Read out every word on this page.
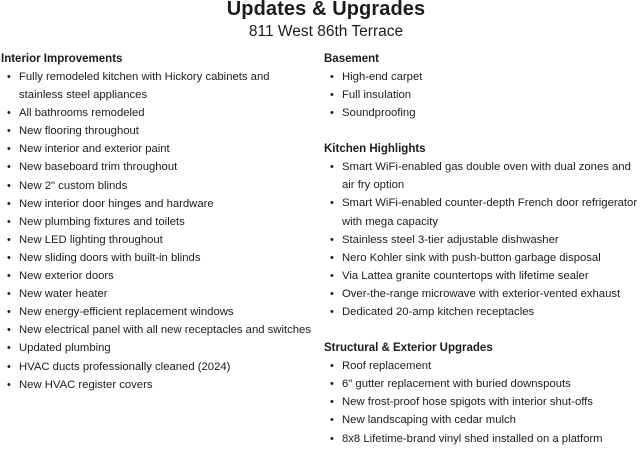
Updates & Upgrades
811 West 86th Terrace
Interior Improvements
• Fully remodeled kitchen with Hickory cabinets and stainless steel appliances
• All bathrooms remodeled
• New flooring throughout
• New interior and exterior paint
• New baseboard trim throughout
• New 2" custom blinds
• New interior door hinges and hardware
• New plumbing fixtures and toilets
• New LED lighting throughout
• New sliding doors with built-in blinds
• New exterior doors
• New water heater
• New energy-efficient replacement windows
• New electrical panel with all new receptacles and switches
• Updated plumbing
• HVAC ducts professionally cleaned (2024)
• New HVAC register covers
Basement
• High-end carpet
• Full insulation
• Soundproofing
Kitchen Highlights
• Smart WiFi-enabled gas double oven with dual zones and air fry option
• Smart WiFi-enabled counter-depth French door refrigerator with mega capacity
• Stainless steel 3-tier adjustable dishwasher
• Nero Kohler sink with push-button garbage disposal
• Via Lattea granite countertops with lifetime sealer
• Over-the-range microwave with exterior-vented exhaust
• Dedicated 20-amp kitchen receptacles
Structural & Exterior Upgrades
• Roof replacement
• 6" gutter replacement with buried downspouts
• New frost-proof hose spigots with interior shut-offs
• New landscaping with cedar mulch
• 8x8 Lifetime-brand vinyl shed installed on a platform
